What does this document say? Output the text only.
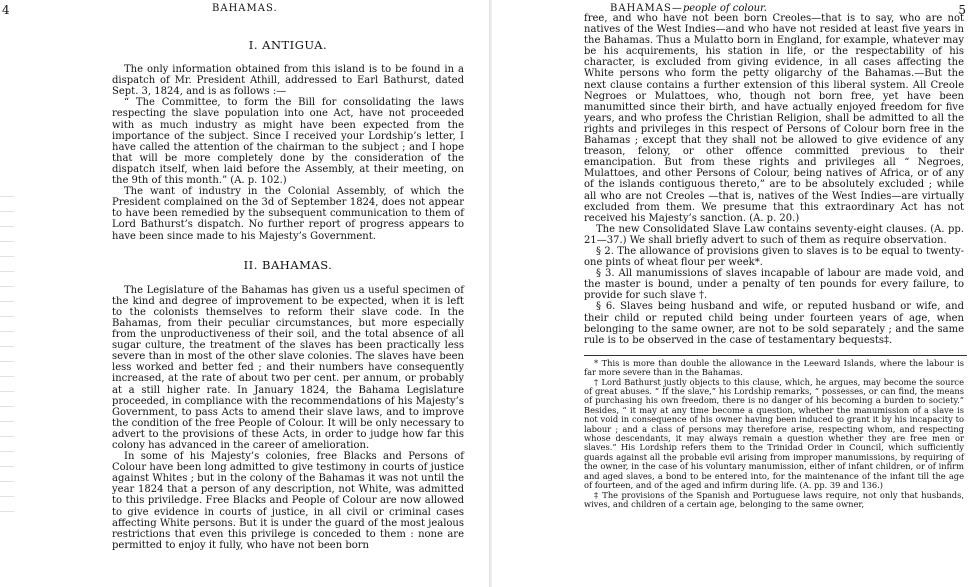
4	BAHAMAS.
I. ANTIGUA.

The only information obtained from this island is to be found in a dispatch of Mr. President Athill, addressed to Earl Bathurst, dated Sept. 3, 1824, and is as follows :—

“ The Committee, to form the Bill for consolidating the laws respecting the slave population into one Act, have not proceeded with as much industry as might have been expected from the importance of the subject. Since I received your Lordship’s letter, I have called the attention of the chairman to the subject ; and I hope that will be more completely done by the consideration of the dispatch itself, when laid before the Assembly, at their meeting, on the 9th of this month.” (A. p. 102.)

The want of industry in the Colonial Assembly, of which the President complained on the 3d of September 1824, does not appear to have been remedied by the subsequent communication to them of Lord Bathurst’s dispatch. No further report of progress appears to have been since made to his Majesty’s Government.

II. BAHAMAS.

The Legislature of the Bahamas has given us a useful specimen of the kind and degree of improvement to be expected, when it is left to the colonists themselves to reform their slave code. In the Bahamas, from their peculiar circumstances, but more especially from the unproductiveness of their soil, and the total absence of all sugar culture, the treatment of the slaves has been practically less severe than in most of the other slave colonies. The slaves have been less worked and better fed ; and their numbers have consequently increased, at the rate of about two per cent. per annum, or probably at a still higher rate. In January 1824, the Bahama Legislature proceeded, in compliance with the recommendations of his Majesty’s Government, to pass Acts to amend their slave laws, and to improve the condition of the free People of Colour. It will be only necessary to advert to the provisions of these Acts, in order to judge how far this colony has advanced in the career of amelioration.

In some of his Majesty’s colonies, free Blacks and Persons of Colour have been long admitted to give testimony in courts of justice against Whites ; but in the colony of the Bahamas it was not until the year 1824 that a person of any description, not White, was admitted to this priviledge. Free Blacks and People of Colour are now allowed to give evidence in courts of justice, in all civil or criminal cases affecting White persons. But it is under the guard of the most jealous restrictions that even this privilege is conceded to them : none are permitted to enjoy it fully, who have not been born

BAHAMAS—people of colour.	5

free, and who have not been born Creoles—that is to say, who are not natives of the West Indies—and who have not resided at least five years in the Bahamas. Thus a Mulatto born in England, for example, whatever may be his acquirements, his station in life, or the respectability of his character, is excluded from giving evidence, in all cases affecting the White persons who form the petty oligarchy of the Bahamas.—But the next clause contains a further extension of this liberal system. All Creole Negroes or Mulattoes, who, though not born free, yet have been manumitted since their birth, and have actually enjoyed freedom for five years, and who profess the Christian Religion, shall be admitted to all the rights and privileges in this respect of Persons of Colour born free in the Bahamas ; except that they shall not be allowed to give evidence of any treason, felony, or other offence committed previous to their emancipation. But from these rights and privileges all “ Negroes, Mulattoes, and other Persons of Colour, being natives of Africa, or of any of the islands contiguous thereto,” are to be absolutely excluded ; while all who are not Creoles —that is, natives of the West Indies—are virtually excluded from them. We presume that this extraordinary Act has not received his Majesty’s sanction. (A. p. 20.)

The new Consolidated Slave Law contains seventy-eight clauses. (A. pp. 21—37.) We shall briefly advert to such of them as require observation.

§ 2. The allowance of provisions given to slaves is to be equal to twenty-one pints of wheat flour per week*.

§ 3. All manumissions of slaves incapable of labour are made void, and the master is bound, under a penalty of ten pounds for every failure, to provide for such slave †.

§ 6. Slaves being husband and wife, or reputed husband or wife, and their child or reputed child being under fourteen years of age, when belonging to the same owner, are not to be sold separately ; and the same rule is to be observed in the case of testamentary bequests‡.

* This is more than double the allowance in the Leeward Islands, where the labour is far more severe than in the Bahamas.

† Lord Bathurst justly objects to this clause, which, he argues, may become the source of great abuses. “ If the slave,” his Lordship remarks, “ possesses, or can find, the means of purchasing his own freedom, there is no danger of his becoming a burden to society.” Besides, “ it may at any time become a question, whether the manumission of a slave is not void in consequence of his owner having been induced to grant it by his incapacity to labour ; and a class of persons may therefore arise, respecting whom, and respecting whose descendants, it may always remain a question whether they are free men or slaves.” His Lordship refers them to the Trinidad Order in Council, which sufficiently guards against all the probable evil arising from improper manumissions, by requiring of the owner, in the case of his voluntary manumission, either of infant children, or of infirm and aged slaves, a bond to be entered into, for the maintenance of the infant till the age of fourteen, and of the aged and infirm during life. (A. pp. 39 and 136.)

‡ The provisions of the Spanish and Portuguese laws require, not only that husbands, wives, and children of a certain age, belonging to the same owner,
